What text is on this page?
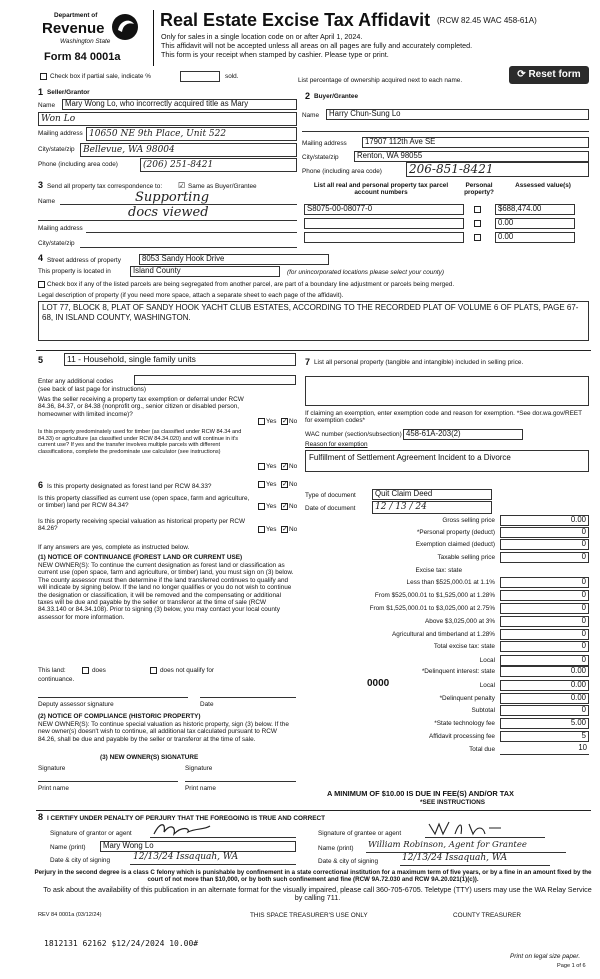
Department of
Revenue
Washington State
Form 84 0001a
Real Estate Excise Tax Affidavit (RCW 82.45 WAC 458-61A)
Only for sales in a single location code on or after April 1, 2024.
This affidavit will not be accepted unless all areas on all pages are fully and accurately completed.
This form is your receipt when stamped by cashier. Please type or print.
⟳ Reset form
Check box if partial sale, indicate %	sold.
List percentage of ownership acquired next to each name.
1 Seller/Grantor
Name	Mary Wong Lo, who incorrectly acquired title as Mary
Won Lo
Mailing address 10650 NE 9th Place, Unit 522
City/state/zip Bellevue, WA 98004
Phone (including area code)	(206) 251-8421
2 Buyer/Grantee
Name	Harry Chun-Sung Lo
Mailing address	17907 112th Ave SE
City/state/zip	Renton, WA 98055
Phone (including area code) 206-851-8421
3 Send all property tax correspondence to: ☑ Same as Buyer/Grantee
Name	Supporting
docs viewed
Mailing address
City/state/zip
List all real and personal property tax parcel account numbers
Personal property?
Assessed value(s)
S8075-00-08077-0	$688,474.00
0.00
0.00
4 Street address of property	8053 Sandy Hook Drive
This property is located in	Island County	(for unincorporated locations please select your county)
Check box if any of the listed parcels are being segregated from another parcel, are part of a boundary line adjustment or parcels being merged.
Legal description of property (if you need more space, attach a separate sheet to each page of the affidavit).
LOT 77, BLOCK 8, PLAT OF SANDY HOOK YACHT CLUB ESTATES, ACCORDING TO THE RECORDED PLAT OF VOLUME 6 OF PLATS, PAGE 67-68, IN ISLAND COUNTY, WASHINGTON.
5	11 - Household, single family units
Enter any additional codes
(see back of last page for instructions)
Was the seller receiving a property tax exemption or deferral under RCW 84.36, 84.37, or 84.38 (nonprofit org., senior citizen or disabled person, homeowner with limited income)?
Yes ✓ No
Is this property predominately used for timber (as classified under RCW 84.34 and 84.33) or agriculture (as classified under RCW 84.34.020) and will continue in it's current use? If yes and the transfer involves multiple parcels with different classifications, complete the predominate use calculator (see instructions)
Yes ✓ No
6 Is this property designated as forest land per RCW 84.33?	Yes ✓ No
Is this property classified as current use (open space, farm and agriculture, or timber) land per RCW 84.34?	Yes ✓ No
Is this property receiving special valuation as historical property per RCW 84.26?	Yes ✓ No
If any answers are yes, complete as instructed below.
(1) NOTICE OF CONTINUANCE (FOREST LAND OR CURRENT USE)
NEW OWNER(S): To continue the current designation as forest land or classification as current use (open space, farm and agriculture, or timber) land, you must sign on (3) below. The county assessor must then determine if the land transferred continues to qualify and will indicate by signing below. If the land no longer qualifies or you do not wish to continue the designation or classification, it will be removed and the compensating or additional taxes will be due and payable by the seller or transferor at the time of sale (RCW 84.33.140 or 84.34.108). Prior to signing (3) below, you may contact your local county assessor for more information.
This land:	does	does not qualify for
continuance.
Deputy assessor signature	Date
(2) NOTICE OF COMPLIANCE (HISTORIC PROPERTY)
NEW OWNER(S): To continue special valuation as historic property, sign (3) below. If the new owner(s) doesn't wish to continue, all additional tax calculated pursuant to RCW 84.26, shall be due and payable by the seller or transferor at the time of sale.
(3) NEW OWNER(S) SIGNATURE
Signature	Signature
Print name	Print name
7 List all personal property (tangible and intangible) included in selling price.
If claiming an exemption, enter exemption code and reason for exemption. *See dor.wa.gov/REET for exemption codes*
WAC number (section/subsection) 458-61A-203(2)
Reason for exemption
Fulfillment of Settlement Agreement Incident to a Divorce
Type of document	Quit Claim Deed
Date of document	12 / 13 / 24
Gross selling price	0.00
*Personal property (deduct)	0
Exemption claimed (deduct)	0
Taxable selling price	0
Excise tax: state
Less than $525,000.01 at 1.1%	0
From $525,000.01 to $1,525,000 at 1.28%	0
From $1,525,000.01 to $3,025,000 at 2.75%	0
Above $3,025,000 at 3%	0
Agricultural and timberland at 1.28%	0
Total excise tax: state	0
Local	0
*Delinquent interest: state	0.00
Local	0.00
*Delinquent penalty	0.00
Subtotal	0
*State technology fee	5.00
Affidavit processing fee	5
Total due	10
0000
A MINIMUM OF $10.00 IS DUE IN FEE(S) AND/OR TAX
*SEE INSTRUCTIONS
8 I CERTIFY UNDER PENALTY OF PERJURY THAT THE FOREGOING IS TRUE AND CORRECT
Signature of grantor or agent
Name (print)	Mary Wong Lo
Date & city of signing	12/13/24 Issaquah, WA
Signature of grantee or agent
Name (print) William Robinson, Agent for Grantee
Date & city of signing	12/13/24 Issaquah, WA
Perjury in the second degree is a class C felony which is punishable by confinement in a state correctional institution for a maximum term of five years, or by a fine in an amount fixed by the court of not more than $10,000, or by both such confinement and fine (RCW 9A.72.030 and RCW 9A.20.021(1)(c)).
To ask about the availability of this publication in an alternate format for the visually impaired, please call 360-705-6705. Teletype (TTY) users may use the WA Relay Service by calling 711.
REV 84 0001a (03/12/24)	THIS SPACE TREASURER'S USE ONLY	COUNTY TREASURER
1812131 62162 $12/24/2024 10.00#
Print on legal size paper.
Page 1 of 6
